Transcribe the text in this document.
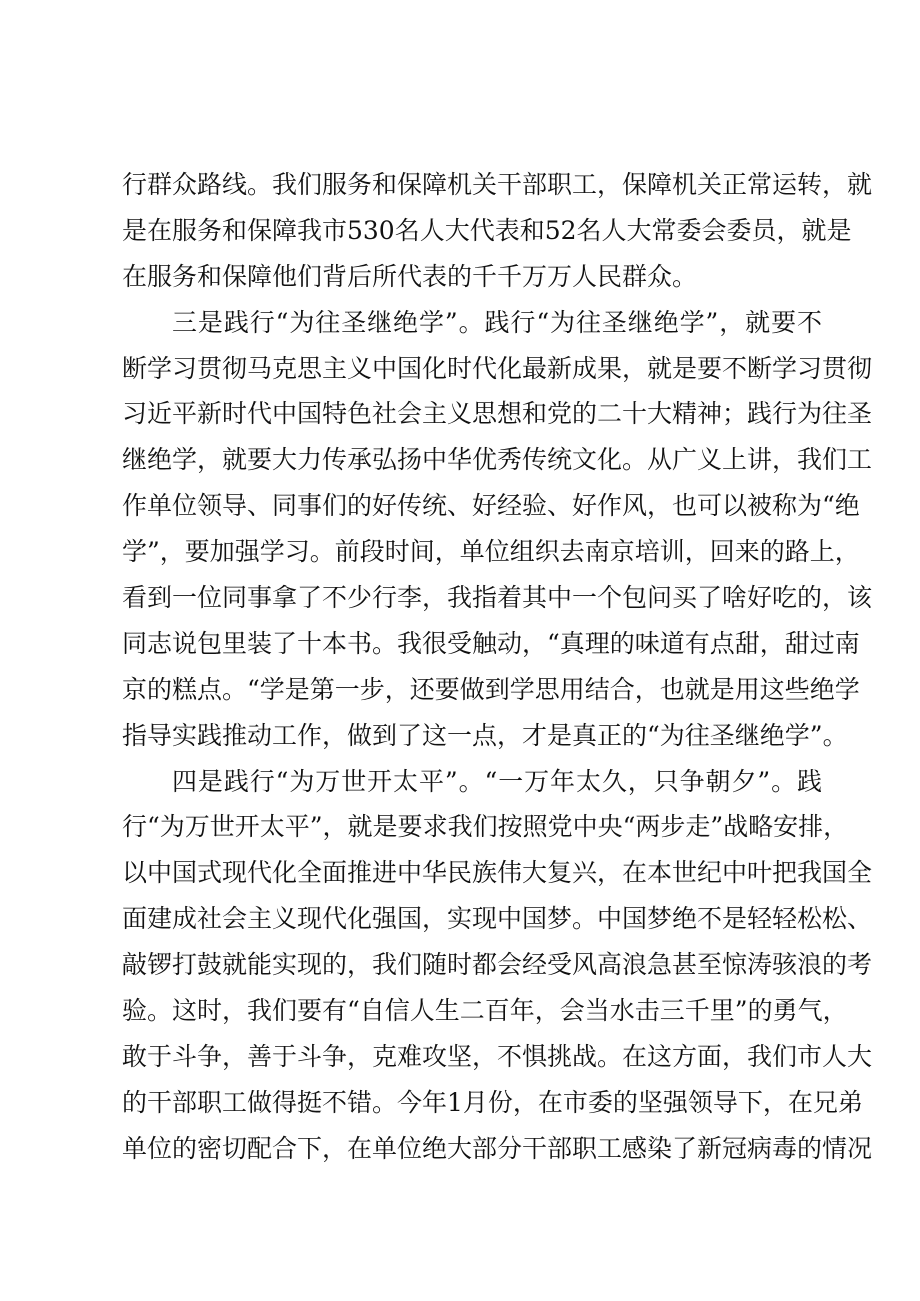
行群众路线。我们服务和保障机关干部职工，保障机关正常运转，就
是在服务和保障我市530名人大代表和52名人大常委会委员，就是
在服务和保障他们背后所代表的千千万万人民群众。
三是践行“为往圣继绝学”。践行“为往圣继绝学”，就要不
断学习贯彻马克思主义中国化时代化最新成果，就是要不断学习贯彻
习近平新时代中国特色社会主义思想和党的二十大精神；践行为往圣
继绝学，就要大力传承弘扬中华优秀传统文化。从广义上讲，我们工
作单位领导、同事们的好传统、好经验、好作风，也可以被称为“绝
学”，要加强学习。前段时间，单位组织去南京培训，回来的路上，
看到一位同事拿了不少行李，我指着其中一个包问买了啥好吃的，该
同志说包里装了十本书。我很受触动，“真理的味道有点甜，甜过南
京的糕点。“学是第一步，还要做到学思用结合，也就是用这些绝学
指导实践推动工作，做到了这一点，才是真正的“为往圣继绝学”。
四是践行“为万世开太平”。“一万年太久，只争朝夕”。践
行“为万世开太平”，就是要求我们按照党中央“两步走”战略安排，
以中国式现代化全面推进中华民族伟大复兴，在本世纪中叶把我国全
面建成社会主义现代化强国，实现中国梦。中国梦绝不是轻轻松松、
敲锣打鼓就能实现的，我们随时都会经受风高浪急甚至惊涛骇浪的考
验。这时，我们要有“自信人生二百年，会当水击三千里”的勇气，
敢于斗争，善于斗争，克难攻坚，不惧挑战。在这方面，我们市人大
的干部职工做得挺不错。今年1月份，在市委的坚强领导下，在兄弟
单位的密切配合下，在单位绝大部分干部职工感染了新冠病毒的情况
